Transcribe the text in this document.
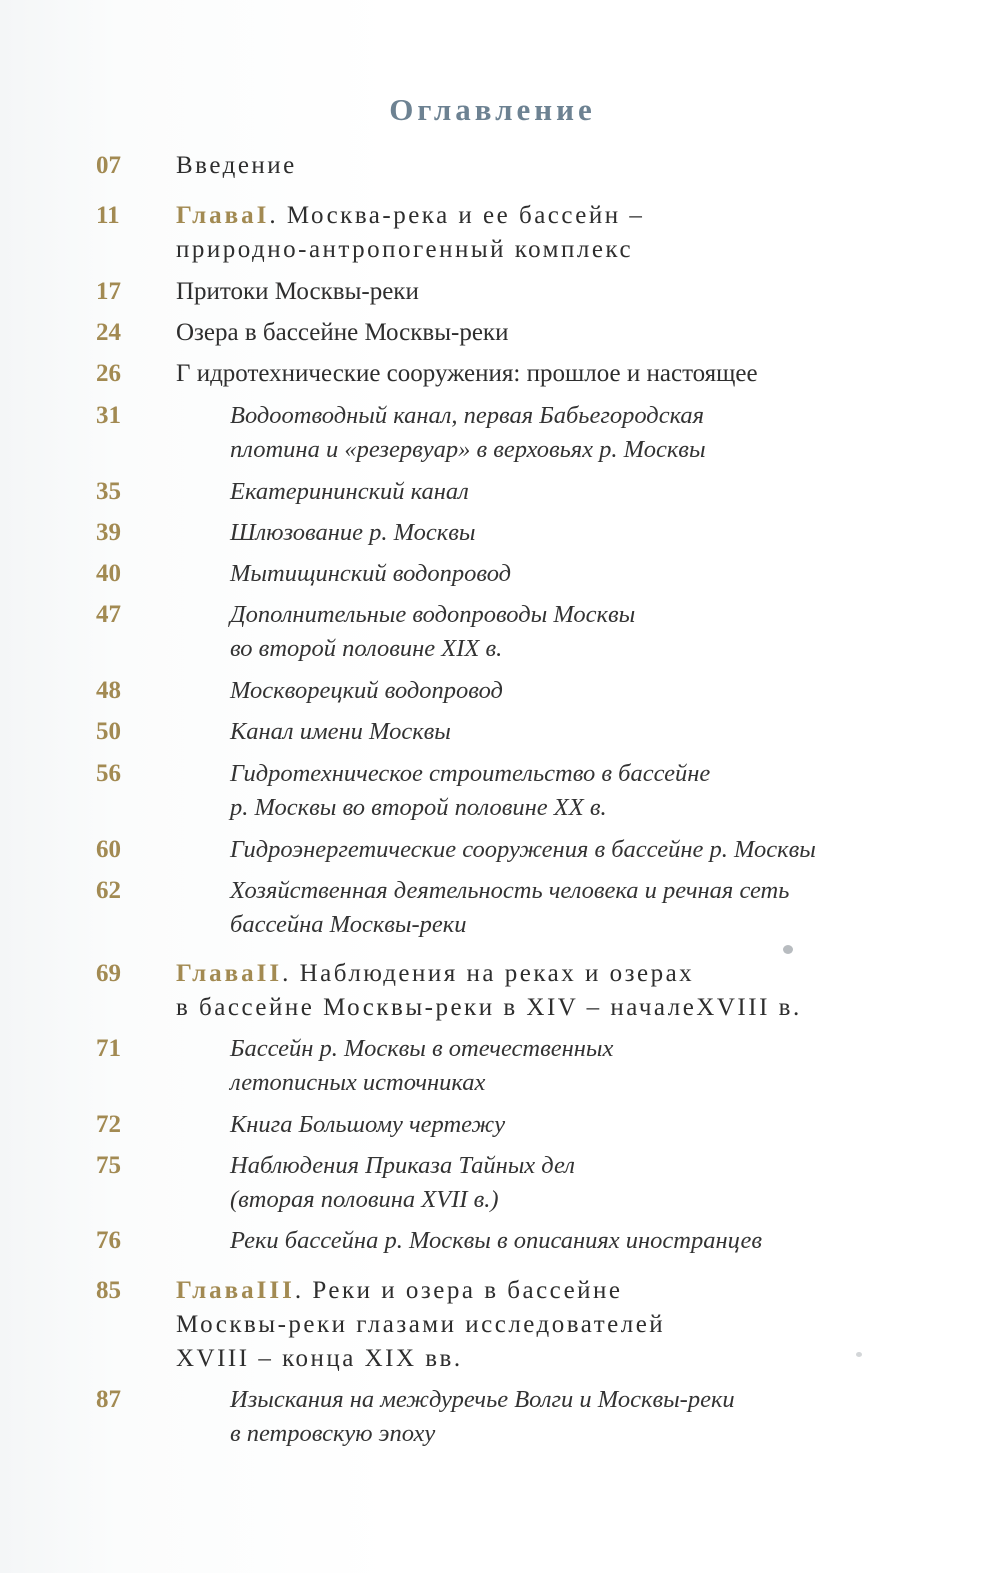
Оглавление
07	Введение
11	ГлаваI. Москва-река и ее бассейн –
природно-антропогенный комплекс
17	Притоки Москвы-реки
24	Озера в бассейне Москвы-реки
26	Г идротехнические сооружения: прошлое и настоящее
31	Водоотводный канал, первая Бабьегородская
плотина и «резервуар» в верховьях р. Москвы
35	Екатерининский канал
39	Шлюзование р. Москвы
40	Мытищинский водопровод
47	Дополнительные водопроводы Москвы
во второй половине XIX в.
48	Москворецкий водопровод
50	Канал имени Москвы
56	Гидротехническое строительство в бассейне
р. Москвы во второй половине XX в.
60	Гидроэнергетические сооружения в бассейне р. Москвы
62	Хозяйственная деятельность человека и речная сеть
бассейна Москвы-реки
69	ГлаваII. Наблюдения на реках и озерах
в бассейне Москвы-реки в XIV – началеXVIII в.
71	Бассейн р. Москвы в отечественных
летописных источниках
72	Книга Большому чертежу
75	Наблюдения Приказа Тайных дел
(вторая половина XVII в.)
76	Реки бассейна р. Москвы в описаниях иностранцев
85	ГлаваIII. Реки и озера в бассейне
Москвы-реки глазами исследователей
XVIII – конца XIX вв.
87	Изыскания на междуречье Волги и Москвы-реки
в петровскую эпоху
